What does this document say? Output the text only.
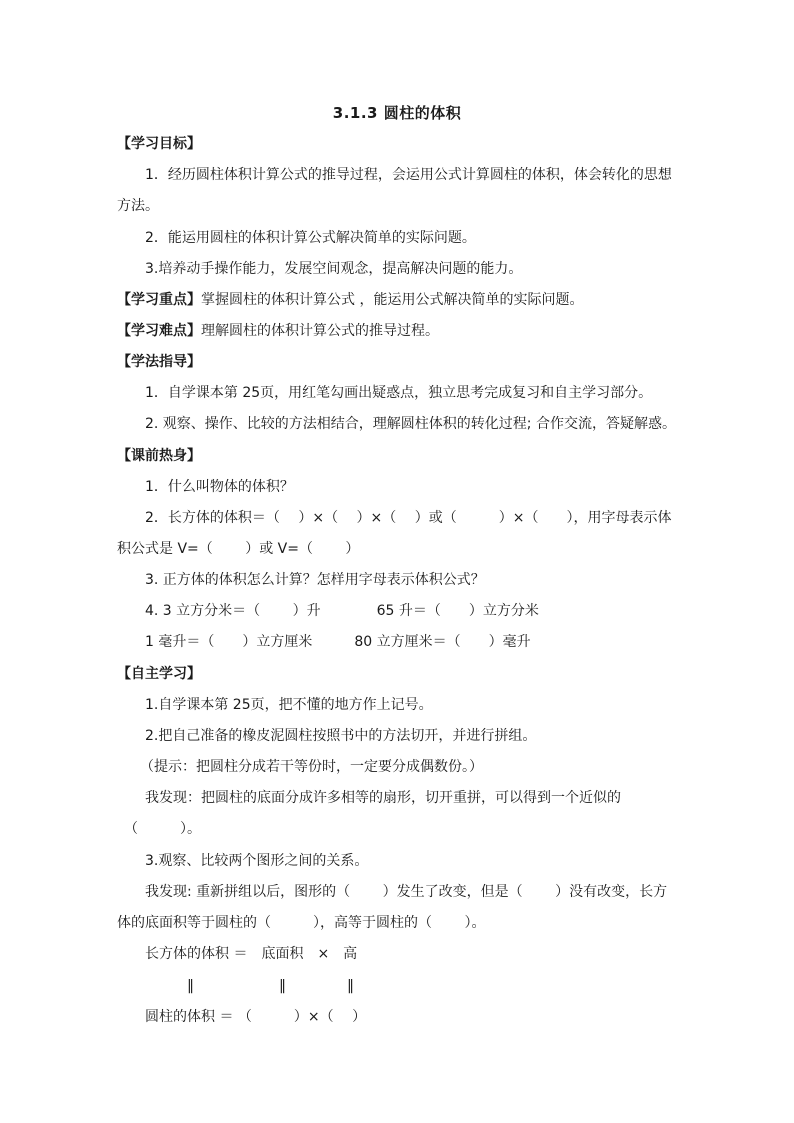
3.1.3 圆柱的体积
【学习目标】
1．经历圆柱体积计算公式的推导过程，会运用公式计算圆柱的体积，体会转化的思想
方法。
2．能运用圆柱的体积计算公式解决简单的实际问题。
3.培养动手操作能力，发展空间观念，提高解决问题的能力。
【学习重点】掌握圆柱的体积计算公式 ，能运用公式解决简单的实际问题。
【学习难点】理解圆柱的体积计算公式的推导过程。
【学法指导】
1．自学课本第 25页，用红笔勾画出疑惑点，独立思考完成复习和自主学习部分。
2. 观察、操作、比较的方法相结合，理解圆柱体积的转化过程; 合作交流，答疑解惑。
【课前热身】
1．什么叫物体的体积？
2．长方体的体积＝（　 ）×（　 ）×（　 ）或（　　　）×（　　），用字母表示体
积公式是 V=（　　 ）或 V=（　　 ）
3. 正方体的体积怎么计算？怎样用字母表示体积公式？
4. 3 立方分米＝（　　 ）升　　　　65 升＝（　　）立方分米
1 毫升＝（　　）立方厘米　　　80 立方厘米＝（　　）毫升
【自主学习】
1.自学课本第 25页，把不懂的地方作上记号。
2.把自己准备的橡皮泥圆柱按照书中的方法切开，并进行拼组。
（提示：把圆柱分成若干等份时，一定要分成偶数份。）
我发现：把圆柱的底面分成许多相等的扇形，切开重拼，可以得到一个近似的
（　　　）。
3.观察、比较两个图形之间的关系。
我发现: 重新拼组以后，图形的（　　 ）发生了改变，但是（　　 ）没有改变，长方
体的底面积等于圆柱的（　　　），高等于圆柱的（　　 ）。
长方体的体积 ＝　底面积　×　高
‖	‖	‖
圆柱的体积 ＝ （　　　）×（　 ）
